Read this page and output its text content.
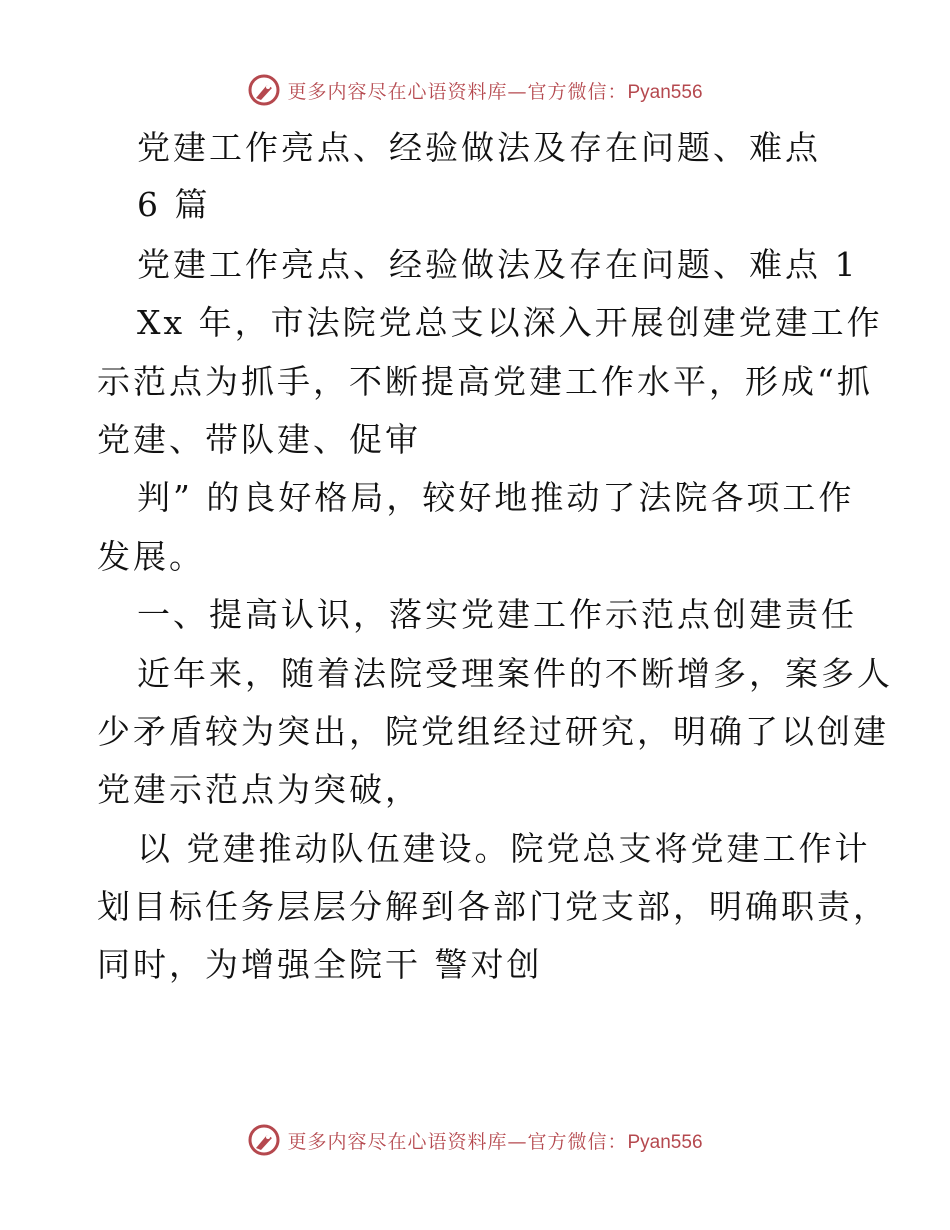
更多内容尽在心语资料库—官方微信：Pyan556
党建工作亮点、经验做法及存在问题、难点
6 篇
党建工作亮点、经验做法及存在问题、难点 1
Xx 年，市法院党总支以深入开展创建党建工作
示范点为抓手，不断提高党建工作水平，形成“抓
党建、带队建、促审
判” 的良好格局，较好地推动了法院各项工作
发展。
一、提高认识，落实党建工作示范点创建责任
近年来，随着法院受理案件的不断增多，案多人
少矛盾较为突出，院党组经过研究，明确了以创建
党建示范点为突破，
以 党建推动队伍建设。院党总支将党建工作计
划目标任务层层分解到各部门党支部，明确职责，
同时，为增强全院干 警对创
更多内容尽在心语资料库—官方微信：Pyan556
